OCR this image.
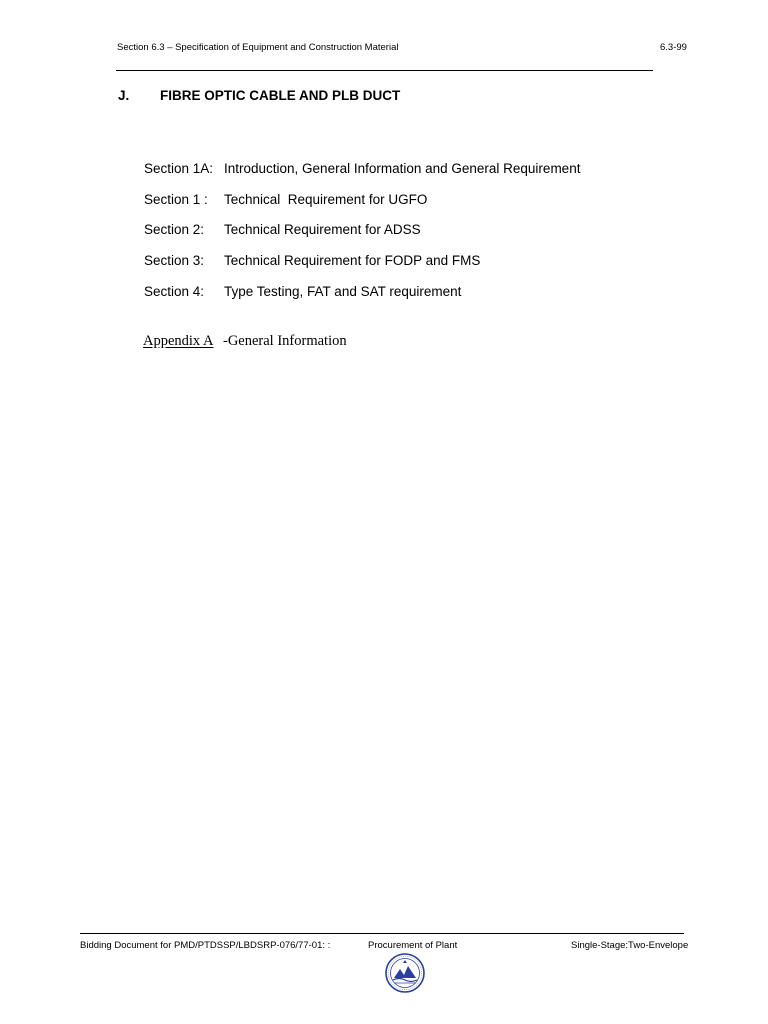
Section 6.3 – Specification of Equipment and Construction Material	6.3-99
J. FIBRE OPTIC CABLE AND PLB DUCT
Section 1A: Introduction, General Information and General Requirement
Section 1 : Technical  Requirement for UGFO
Section 2: Technical Requirement for ADSS
Section 3: Technical Requirement for FODP and FMS
Section 4: Type Testing, FAT and SAT requirement
Appendix A -General Information
Bidding Document for PMD/PTDSSP/LBDSRP-076/77-01: :	Procurement of Plant	Single-Stage:Two-Envelope
